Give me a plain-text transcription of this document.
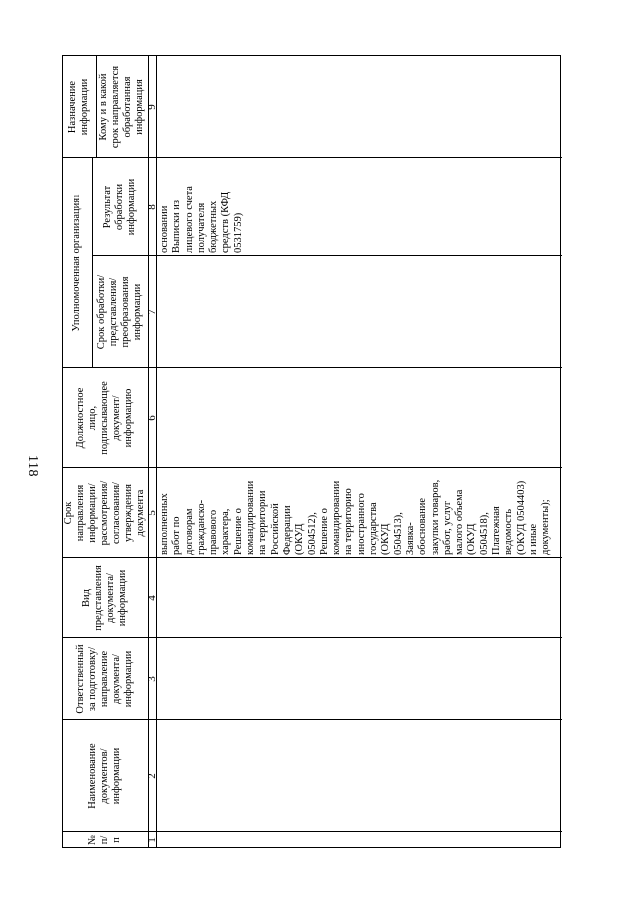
118
№
п/п
Наименование
документов/
информации
Ответственный
за подготовку/
направление
документа/
информации
Вид
представления
документа/
информации
Срок
направления
информации/
рассмотрения/
согласования/
утверждения
документа
Должностное
лицо,
подписывающее
документ/
информацию
Уполномоченная организация
1
Срок обработки/
представления/
преобразования
информации
Результат
обработки
информации
Назначение
информации Кому и в какой
срок направляется
обработанная
информация
1
2
3
4
5
6
7
8
9
выполненных работ по договорам гражданско- правового характера, Решение о командировании на территории Российской Федерации (ОКУД 0504512), Решение о командировании на территорию иностранного государства (ОКУД 0504513), Заявка- обоснование закупки товаров, работ, услуг малого объема (ОКУД 0504518), Платежная ведомость (ОКУД 0504403) и иные документы);
основании Выписки из лицевого счета получателя бюджетных средств (КФД 0531759)
